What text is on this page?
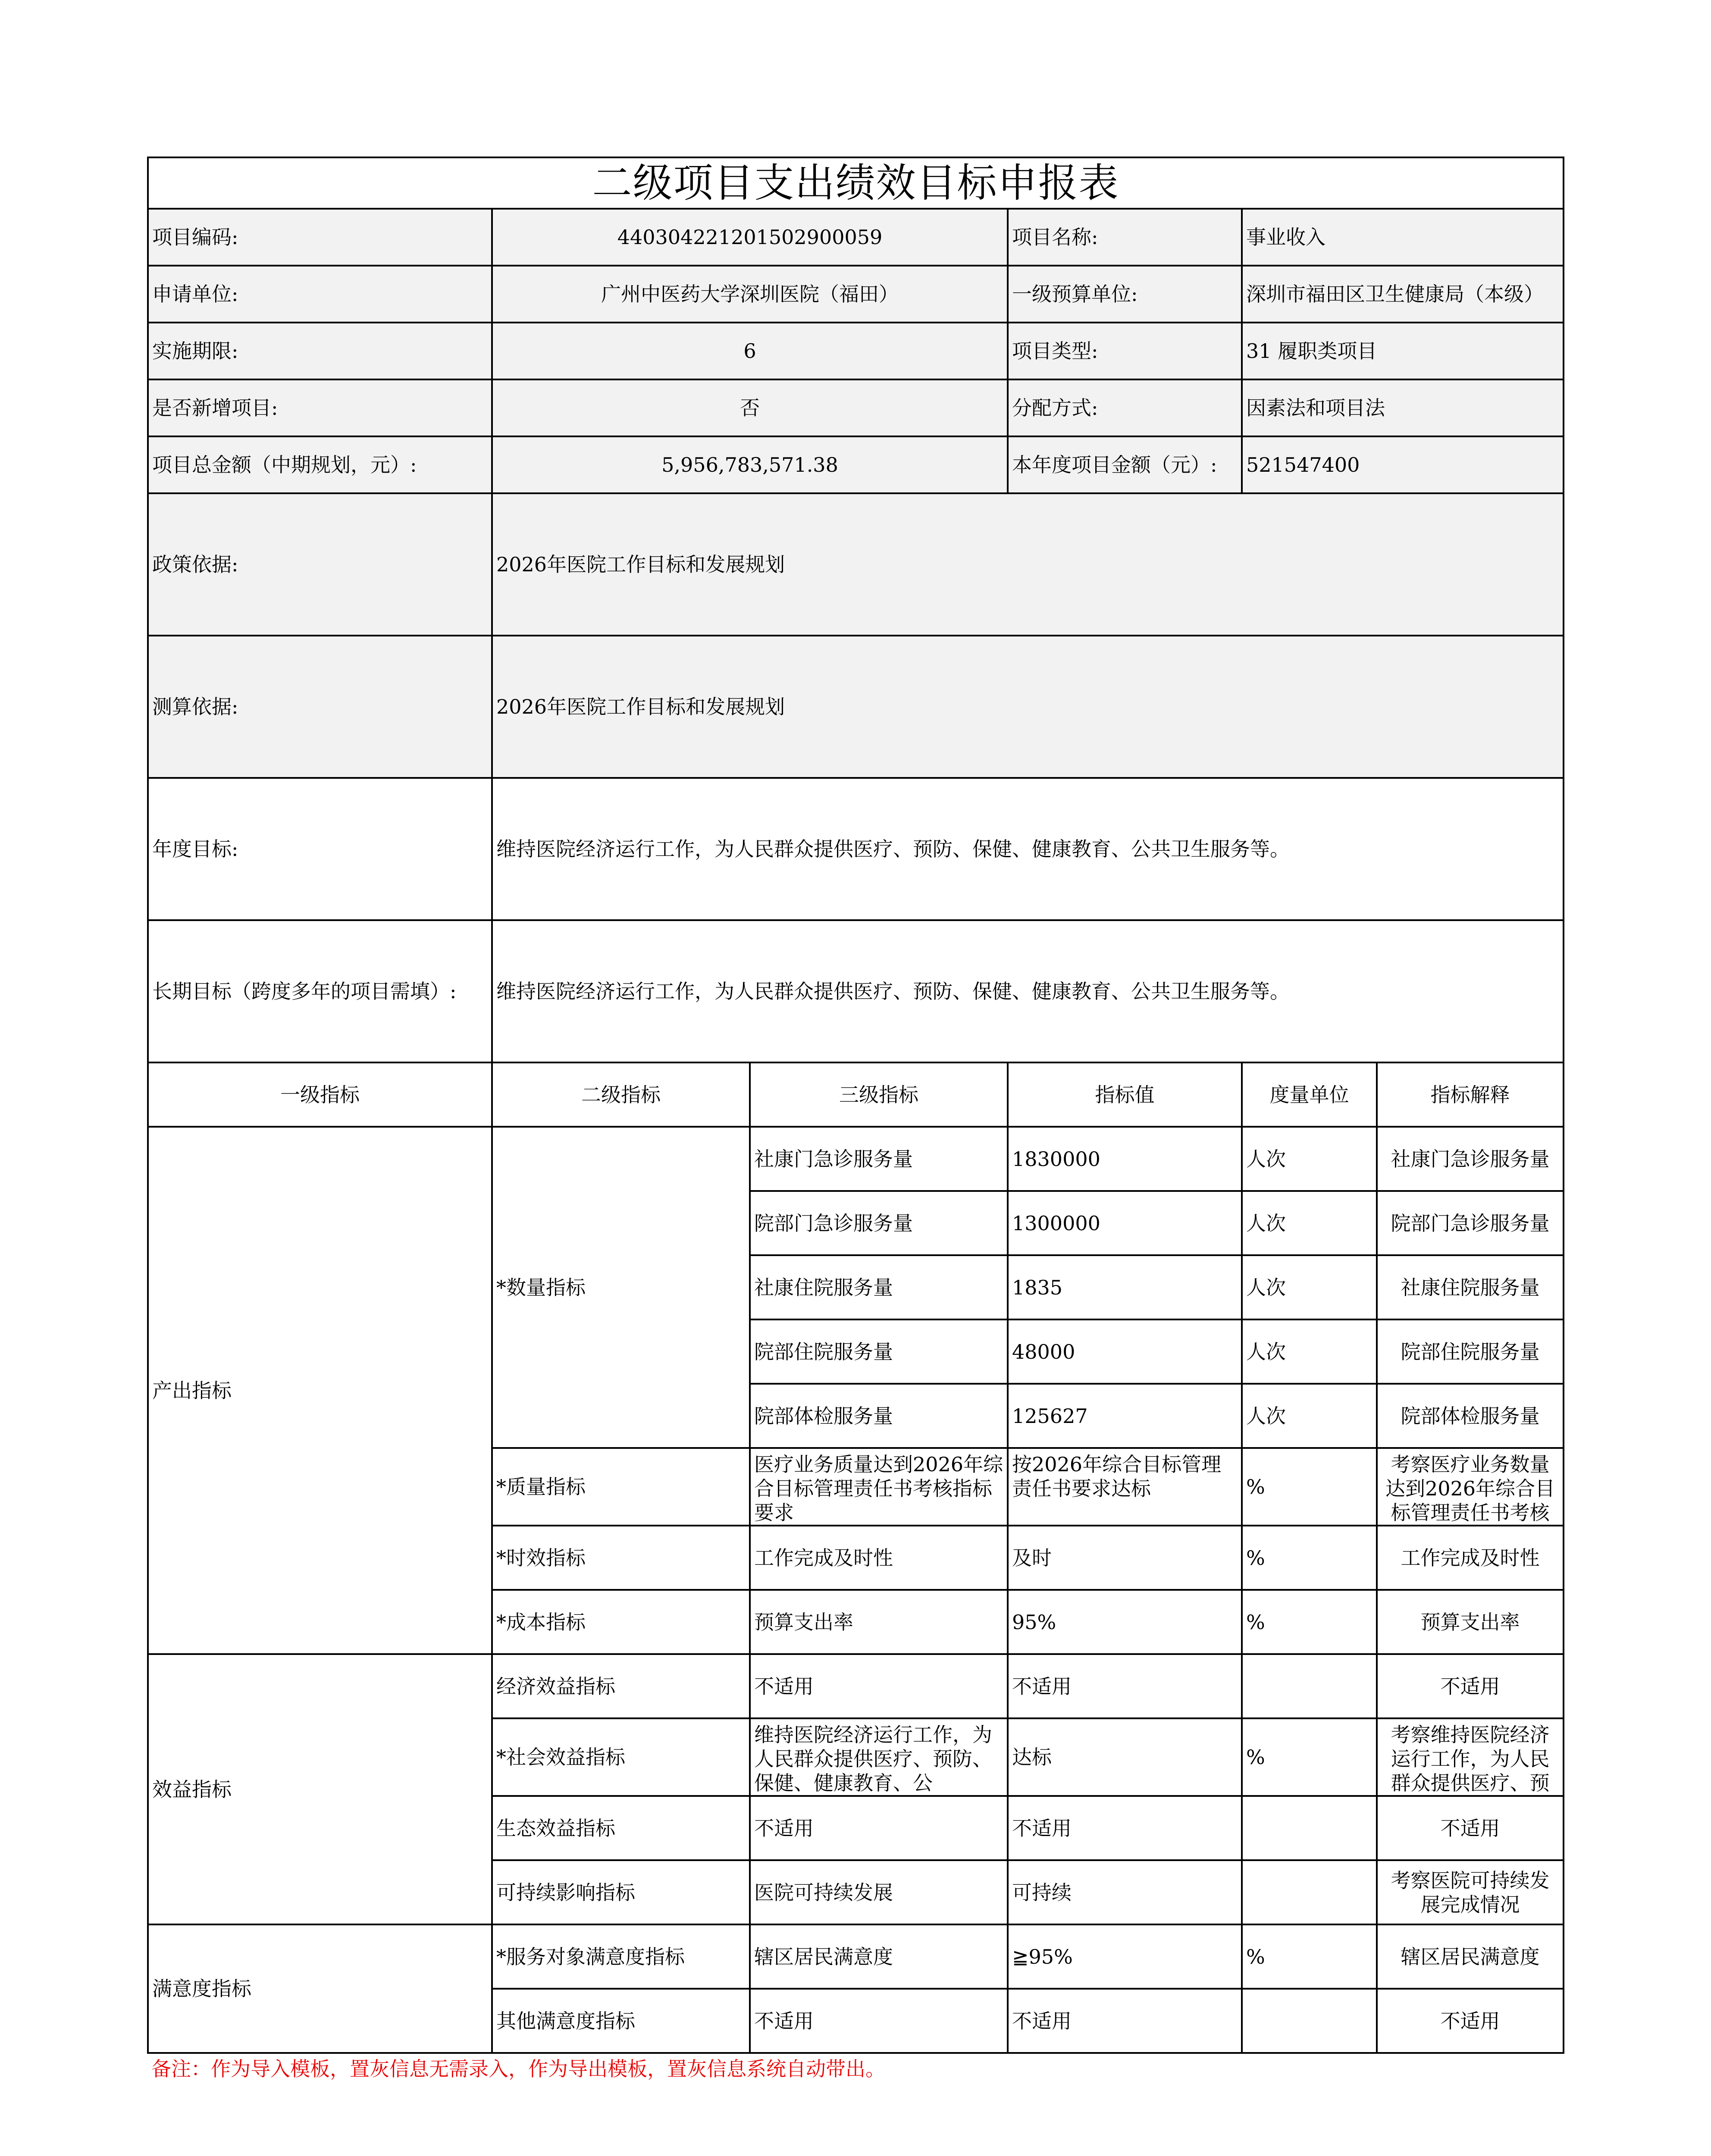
二级项目支出绩效目标申报表					
项目编码:	440304221201502900059		项目名称:	事业收入	
申请单位:	广州中医药大学深圳医院（福田）		一级预算单位:	深圳市福田区卫生健康局（本级）	
实施期限:	6		项目类型:	31 履职类项目	
是否新增项目:	否		分配方式:	因素法和项目法	
项目总金额（中期规划，元）:	5,956,783,571.38		本年度项目金额（元）:	521547400	
政策依据:	2026年医院工作目标和发展规划				
测算依据:	2026年医院工作目标和发展规划				
年度目标:	维持医院经济运行工作，为人民群众提供医疗、预防、保健、健康教育、公共卫生服务等。				
长期目标（跨度多年的项目需填）:	维持医院经济运行工作，为人民群众提供医疗、预防、保健、健康教育、公共卫生服务等。				
一级指标	二级指标	三级指标	指标值	度量单位	指标解释
产出指标	*数量指标	社康门急诊服务量	1830000	人次	社康门急诊服务量
		院部门急诊服务量	1300000	人次	院部门急诊服务量
		社康住院服务量	1835	人次	社康住院服务量
		院部住院服务量	48000	人次	院部住院服务量
		院部体检服务量	125627	人次	院部体检服务量
	*质量指标	医疗业务质量达到2026年综合目标管理责任书考核指标要求	按2026年综合目标管理责任书要求达标	%	考察医疗业务数量达到2026年综合目标管理责任书考核
	*时效指标	工作完成及时性	及时	%	工作完成及时性
	*成本指标	预算支出率	95%	%	预算支出率
效益指标	经济效益指标	不适用	不适用		不适用
	*社会效益指标	维持医院经济运行工作，为人民群众提供医疗、预防、保健、健康教育、公	达标	%	考察维持医院经济运行工作，为人民群众提供医疗、预
	生态效益指标	不适用	不适用		不适用
	可持续影响指标	医院可持续发展	可持续		考察医院可持续发展完成情况
满意度指标	*服务对象满意度指标	辖区居民满意度	≧95%	%	辖区居民满意度
	其他满意度指标	不适用	不适用		不适用
备注：作为导入模板，置灰信息无需录入，作为导出模板，置灰信息系统自动带出。
